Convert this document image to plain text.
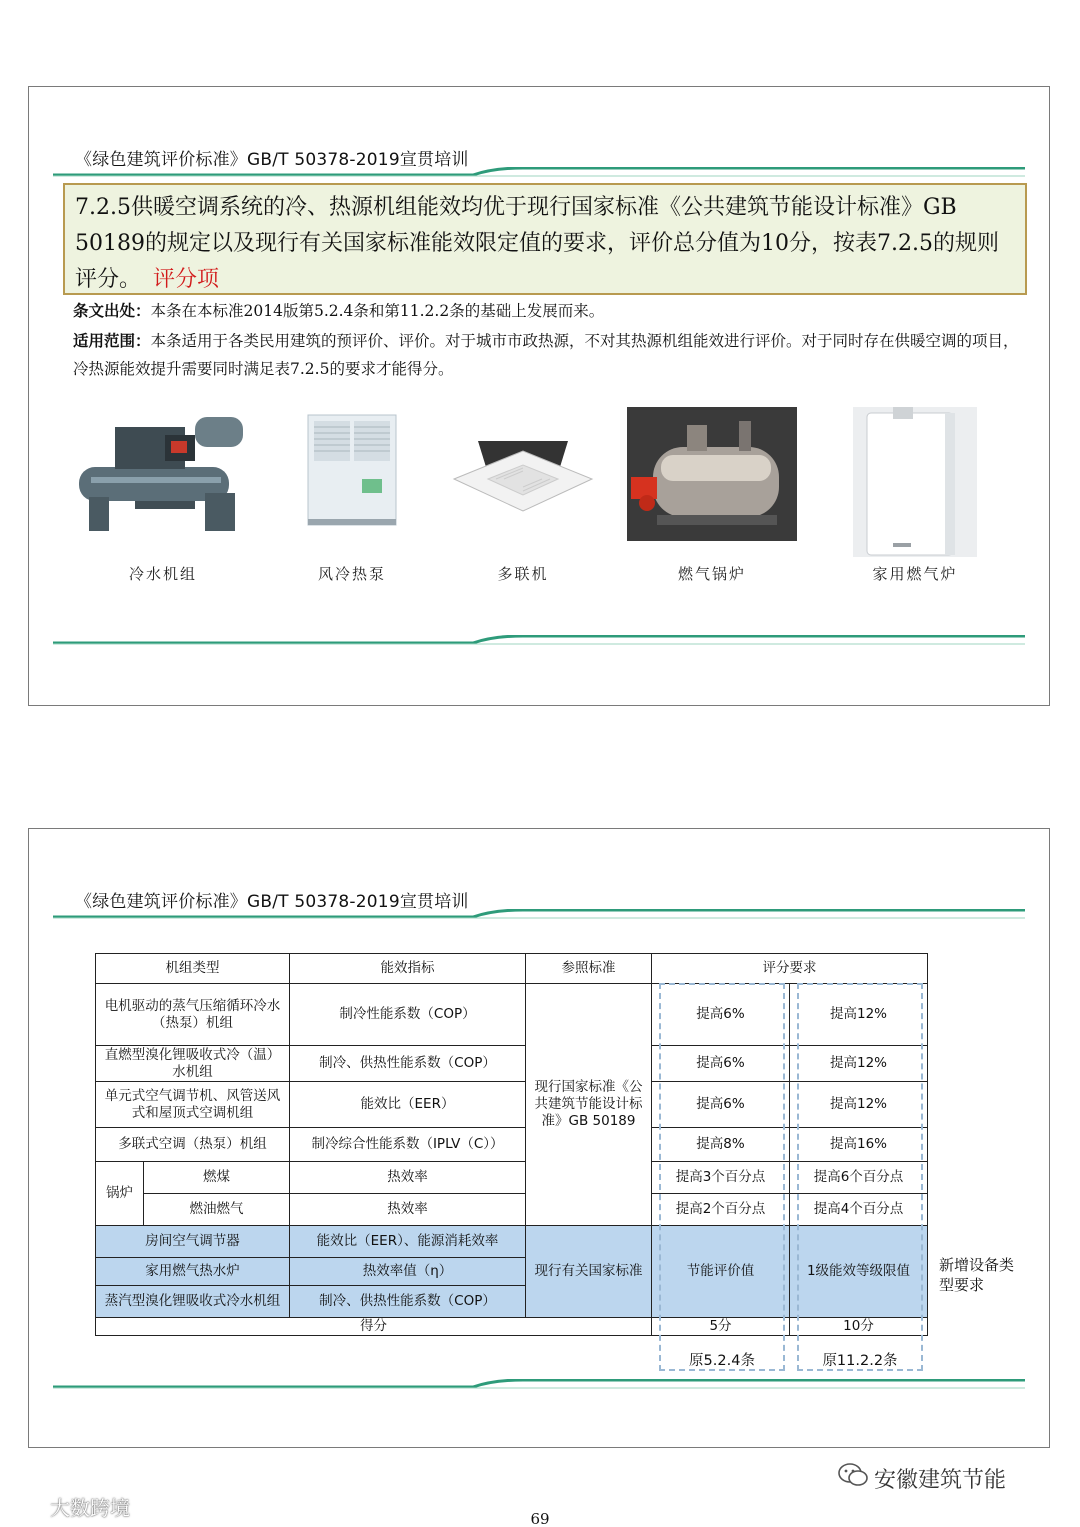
《绿色建筑评价标准》GB/T 50378-2019宣贯培训
7.2.5供暖空调系统的冷、热源机组能效均优于现行国家标准《公共建筑节能设计标准》GB 50189的规定以及现行有关国家标准能效限定值的要求，评价总分值为10分，按表7.2.5的规则评分。 评分项
条文出处：本条在本标准2014版第5.2.4条和第11.2.2条的基础上发展而来。
适用范围：本条适用于各类民用建筑的预评价、评价。对于城市市政热源，不对其热源机组能效进行评价。对于同时存在供暖空调的项目，冷热源能效提升需要同时满足表7.2.5的要求才能得分。
冷水机组	风冷热泵	多联机	燃气锅炉	家用燃气炉
《绿色建筑评价标准》GB/T 50378-2019宣贯培训
机组类型		能效指标	参照标准	评分要求	
电机驱动的蒸气压缩循环冷水（热泵）机组		制冷性能系数（COP）	现行国家标准《公共建筑节能设计标准》GB 50189	提高6%	提高12%
直燃型溴化锂吸收式冷（温）水机组		制冷、供热性能系数（COP）		提高6%	提高12%
单元式空气调节机、风管送风式和屋顶式空调机组		能效比（EER）		提高6%	提高12%
多联式空调（热泵）机组		制冷综合性能系数（IPLV（C））		提高8%	提高16%
锅炉	燃煤	热效率		提高3个百分点	提高6个百分点
	燃油燃气	热效率		提高2个百分点	提高4个百分点
房间空气调节器		能效比（EER）、能源消耗效率	现行有关国家标准	节能评价值	1级能效等级限值
家用燃气热水炉		热效率值（η）			
蒸汽型溴化锂吸收式冷水机组		制冷、供热性能系数（COP）			
得分				5分	10分
原5.2.4条	原11.2.2条
新增设备类型要求
安徽建筑节能
大数跨境	69
